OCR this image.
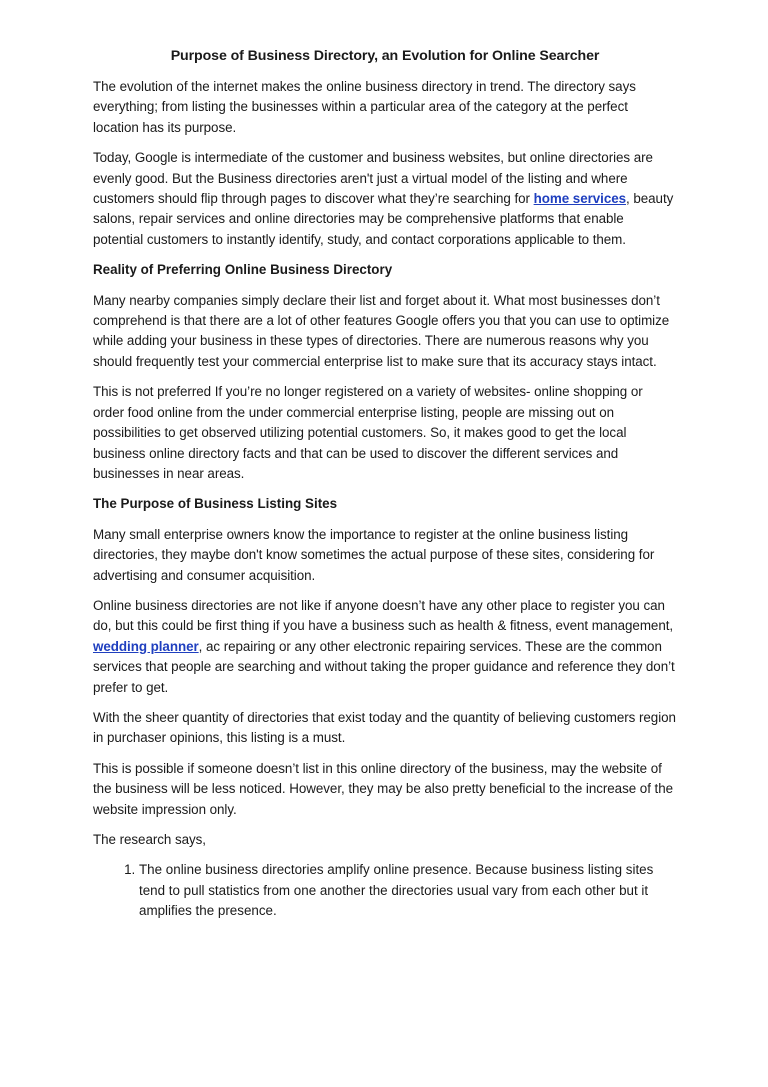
Purpose of Business Directory, an Evolution for Online Searcher

The evolution of the internet makes the online business directory in trend. The directory says everything; from listing the businesses within a particular area of the category at the perfect location has its purpose.

Today, Google is intermediate of the customer and business websites, but online directories are evenly good. But the Business directories aren't just a virtual model of the listing and where customers should flip through pages to discover what they’re searching for home services, beauty salons, repair services and online directories may be comprehensive platforms that enable potential customers to instantly identify, study, and contact corporations applicable to them.

Reality of Preferring Online Business Directory

Many nearby companies simply declare their list and forget about it. What most businesses don’t comprehend is that there are a lot of other features Google offers you that you can use to optimize while adding your business in these types of directories. There are numerous reasons why you should frequently test your commercial enterprise list to make sure that its accuracy stays intact.

This is not preferred If you’re no longer registered on a variety of websites- online shopping or order food online from the under commercial enterprise listing, people are missing out on possibilities to get observed utilizing potential customers. So, it makes good to get the local business online directory facts and that can be used to discover the different services and businesses in near areas.

The Purpose of Business Listing Sites

Many small enterprise owners know the importance to register at the online business listing directories, they maybe don't know sometimes the actual purpose of these sites, considering for advertising and consumer acquisition.

Online business directories are not like if anyone doesn’t have any other place to register you can do, but this could be first thing if you have a business such as health & fitness, event management, wedding planner, ac repairing or any other electronic repairing services. These are the common services that people are searching and without taking the proper guidance and reference they don’t prefer to get.

With the sheer quantity of directories that exist today and the quantity of believing customers region in purchaser opinions, this listing is a must.

This is possible if someone doesn’t list in this online directory of the business, may the website of the business will be less noticed. However, they may be also pretty beneficial to the increase of the website impression only.

The research says,

1. The online business directories amplify online presence. Because business listing sites tend to pull statistics from one another the directories usual vary from each other but it amplifies the presence.
